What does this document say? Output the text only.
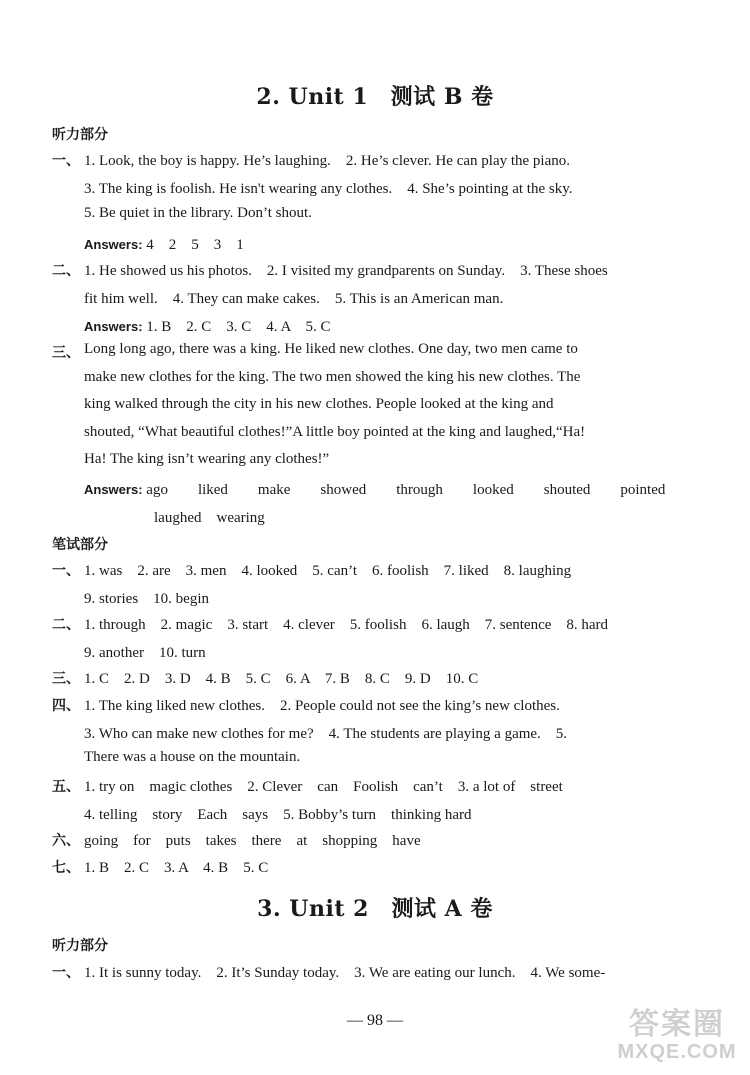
2. Unit 1　测试 B 卷
听力部分
一、 1. Look, the boy is happy. He’s laughing.　2. He’s clever. He can play the piano.
3. The king is foolish. He isn't wearing any clothes.　4. She’s pointing at the sky.
5. Be quiet in the library. Don’t shout.
Answers: 4　2　5　3　1
二、 1. He showed us his photos.　2. I visited my grandparents on Sunday.　3. These shoes
fit him well.　4. They can make cakes.　5. This is an American man.
Answers: 1. B　2. C　3. C　4. A　5. C
三、 Long long ago, there was a king. He liked new clothes. One day, two men came to
make new clothes for the king. The two men showed the king his new clothes. The
king walked through the city in his new clothes. People looked at the king and
shouted, “What beautiful clothes!”A little boy pointed at the king and laughed,“Ha!
Ha! The king isn’t wearing any clothes!”
Answers: ago　　liked　　make　　showed　　through　　looked　　shouted　　pointed
laughed　wearing
笔试部分
一、 1. was　2. are　3. men　4. looked　5. can’t　6. foolish　7. liked　8. laughing
9. stories　10. begin
二、 1. through　2. magic　3. start　4. clever　5. foolish　6. laugh　7. sentence　8. hard
9. another　10. turn
三、 1. C　2. D　3. D　4. B　5. C　6. A　7. B　8. C　9. D　10. C
四、 1. The king liked new clothes.　2. People could not see the king’s new clothes.
3. Who can make new clothes for me?　4. The students are playing a game.　5.
There was a house on the mountain.
五、 1. try on　magic clothes　2. Clever　can　Foolish　can’t　3. a lot of　street
4. telling　story　Each　says　5. Bobby’s turn　thinking hard
六、 going　for　puts　takes　there　at　shopping　have
七、 1. B　2. C　3. A　4. B　5. C
3. Unit 2　测试 A 卷
听力部分
一、 1. It is sunny today.　2. It’s Sunday today.　3. We are eating our lunch.　4. We some-
— 98 —	答案圈
MXQE.COM
